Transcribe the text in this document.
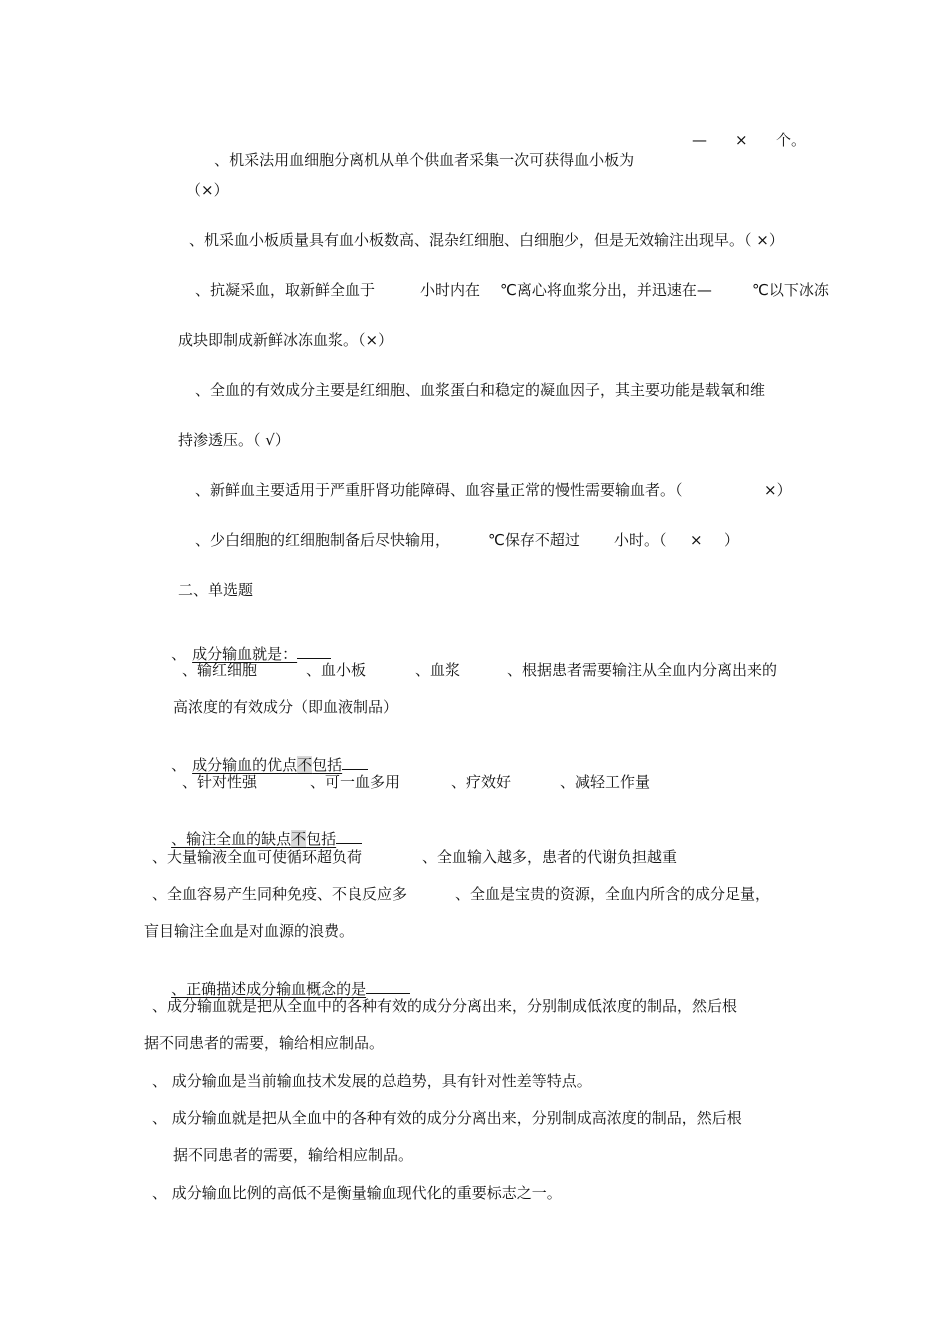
、机采法用血细胞分离机从单个供血者采集一次可获得血小板为

— × 个。
（×）
、机采血小板质量具有血小板数高、混杂红细胞、白细胞少，但是无效输注出现早。（ ×）
、抗凝采血，取新鲜全血于	小时内在 ℃离心将血浆分出，并迅速在—	℃以下冰冻
成块即制成新鲜冰冻血浆。（×）
、全血的有效成分主要是红细胞、血浆蛋白和稳定的凝血因子，其主要功能是载氧和维
持渗透压。（ √）
、新鲜血主要适用于严重肝肾功能障碍、血容量正常的慢性需要输血者。（	×）
、少白细胞的红细胞制备后尽快输用，	℃保存不超过 小时。（ × ）
二、单选题

、 成分输血就是：

、输红细胞	、血小板	、血浆	、根据患者需要输注从全血内分离出来的
高浓度的有效成分（即血液制品）

、 成分输血的优点不包括

、针对性强	、可一血多用	、疗效好	、减轻工作量

、输注全血的缺点不包括

、大量输液全血可使循环超负荷	、全血输入越多，患者的代谢负担越重
、全血容易产生同种免疫、不良反应多	、全血是宝贵的资源，全血内所含的成分足量，
盲目输注全血是对血源的浪费。

、正确描述成分输血概念的是

、成分输血就是把从全血中的各种有效的成分分离出来，分别制成低浓度的制品，然后根
据不同患者的需要，输给相应制品。
、 成分输血是当前输血技术发展的总趋势，具有针对性差等特点。
、 成分输血就是把从全血中的各种有效的成分分离出来，分别制成高浓度的制品，然后根
据不同患者的需要，输给相应制品。
、 成分输血比例的高低不是衡量输血现代化的重要标志之一。
